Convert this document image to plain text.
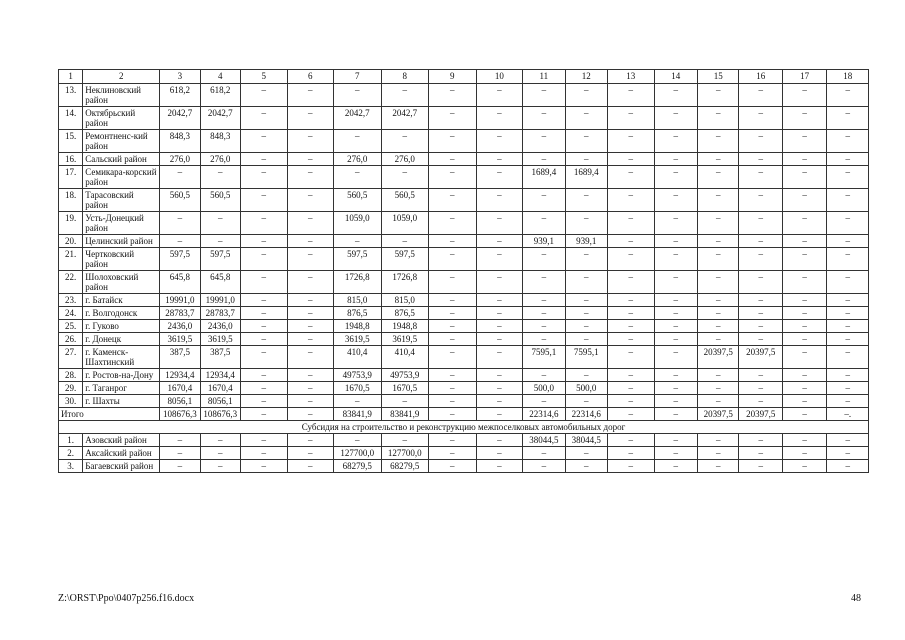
1	2	3	4	5	6	7	8	9	10	11	12	13	14	15	16	17	18
13.	Неклиновский район	618,2	618,2	–	–	–	–	–	–	–	–	–	–	–	–	–	–
14.	Октябрьский район	2042,7	2042,7	–	–	2042,7	2042,7	–	–	–	–	–	–	–	–	–	–
15.	Ремонтненс-кий район	848,3	848,3	–	–	–	–	–	–	–	–	–	–	–	–	–	–
16.	Сальский район	276,0	276,0	–	–	276,0	276,0	–	–	–	–	–	–	–	–	–	–
17.	Семикара-корский район	–	–	–	–	–	–	–	–	1689,4	1689,4	–	–	–	–	–	–
18.	Тарасовский район	560,5	560,5	–	–	560,5	560,5	–	–	–	–	–	–	–	–	–	–
19.	Усть-Донецкий район	–	–	–	–	1059,0	1059,0	–	–	–	–	–	–	–	–	–	–
20.	Целинский район	–	–	–	–	–	–	–	–	939,1	939,1	–	–	–	–	–	–
21.	Чертковский район	597,5	597,5	–	–	597,5	597,5	–	–	–	–	–	–	–	–	–	–
22.	Шолоховский район	645,8	645,8	–	–	1726,8	1726,8	–	–	–	–	–	–	–	–	–	–
23.	г. Батайск	19991,0	19991,0	–	–	815,0	815,0	–	–	–	–	–	–	–	–	–	–
24.	г. Волгодонск	28783,7	28783,7	–	–	876,5	876,5	–	–	–	–	–	–	–	–	–	–
25.	г. Гуково	2436,0	2436,0	–	–	1948,8	1948,8	–	–	–	–	–	–	–	–	–	–
26.	г. Донецк	3619,5	3619,5	–	–	3619,5	3619,5	–	–	–	–	–	–	–	–	–	–
27.	г. Каменск-Шахтинский	387,5	387,5	–	–	410,4	410,4	–	–	7595,1	7595,1	–	–	20397,5	20397,5	–	–
28.	г. Ростов-на-Дону	12934,4	12934,4	–	–	49753,9	49753,9	–	–	–	–	–	–	–	–	–	–
29.	г. Таганрог	1670,4	1670,4	–	–	1670,5	1670,5	–	–	500,0	500,0	–	–	–	–	–	–
30.	г. Шахты	8056,1	8056,1	–	–	–	–	–	–	–	–	–	–	–	–	–	–
Итого		108676,3	108676,3	–	–	83841,9	83841,9	–	–	22314,6	22314,6	–	–	20397,5	20397,5	–	–.
Субсидия на строительство и реконструкцию межпоселковых автомобильных дорог																	
1.	Азовский район	–	–	–	–	–	–	–	–	38044,5	38044,5	–	–	–	–	–	–
2.	Аксайский район	–	–	–	–	127700,0	127700,0	–	–	–	–	–	–	–	–	–	–
3.	Багаевский район	–	–	–	–	68279,5	68279,5	–	–	–	–	–	–	–	–	–	–
Z:\ORST\Ppo\0407p256.f16.docx	48
